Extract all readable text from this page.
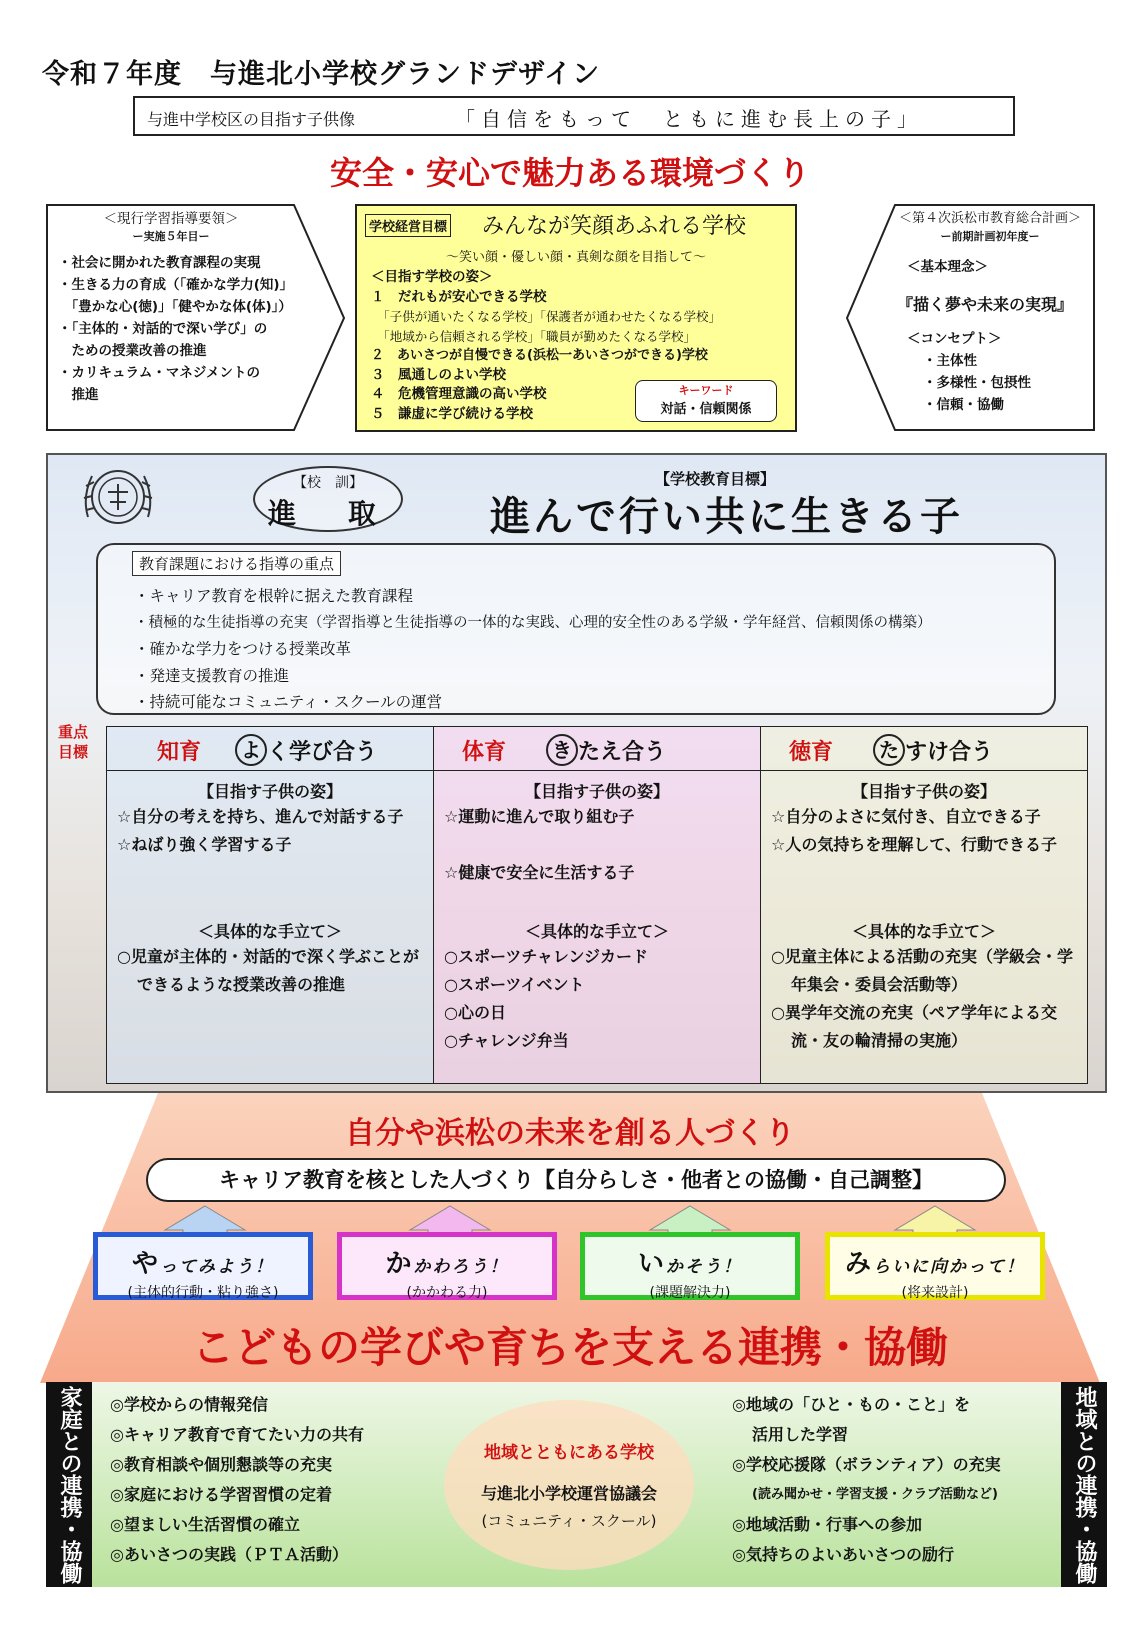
令和７年度　与進北小学校グランドデザイン
与進中学校区の目指す子供像	「自信をもって　ともに進む長上の子」
安全・安心で魅力ある環境づくり
＜現行学習指導要領＞
ー実施５年目ー
・社会に開かれた教育課程の実現
・生きる力の育成（「確かな学力(知)」
　「豊かな心(徳)」「健やかな体(体)」）
・「主体的・対話的で深い学び」の
　ための授業改善の推進
・カリキュラム・マネジメントの
　推進
学校経営目標 みんなが笑顔あふれる学校
～笑い顔・優しい顔・真剣な顔を目指して～
＜目指す学校の姿＞
１　だれもが安心できる学校
　「子供が通いたくなる学校」「保護者が通わせたくなる学校」
　「地域から信頼される学校」「職員が勤めたくなる学校」
２　あいさつが自慢できる(浜松一あいさつができる)学校
３　風通しのよい学校
４　危機管理意識の高い学校
５　謙虚に学び続ける学校
キーワード
対話・信頼関係
＜第４次浜松市教育総合計画＞
ー前期計画初年度ー
＜基本理念＞
『描く夢や未来の実現』
＜コンセプト＞
・主体性
・多様性・包摂性
・信頼・協働
【校　訓】
進　取
【学校教育目標】
進んで行い共に生きる子
教育課題における指導の重点
・キャリア教育を根幹に据えた教育課程
・積極的な生徒指導の充実（学習指導と生徒指導の一体的な実践、心理的安全性のある学級・学年経営、信頼関係の構築）
・確かな学力をつける授業改革
・発達支援教育の推進
・持続可能なコミュニティ・スクールの運営
重点目標	知育	よ く学び合う
【目指す子供の姿】
☆自分の考えを持ち、進んで対話する子
☆ねばり強く学習する子
＜具体的な手立て＞
○児童が主体的・対話的で深く学ぶことができるような授業改善の推進
体育	き たえ合う
【目指す子供の姿】
☆運動に進んで取り組む子
☆健康で安全に生活する子
＜具体的な手立て＞
○スポーツチャレンジカード
○スポーツイベント
○心の日
○チャレンジ弁当
徳育	た すけ合う
【目指す子供の姿】
☆自分のよさに気付き、自立できる子
☆人の気持ちを理解して、行動できる子
＜具体的な手立て＞
○児童主体による活動の充実（学級会・学年集会・委員会活動等）
○異学年交流の充実（ペア学年による交流・友の輪清掃の実施）
自分や浜松の未来を創る人づくり
キャリア教育を核とした人づくり【自分らしさ・他者との協働・自己調整】
やってみよう！
(主体的行動・粘り強さ)
かかわろう！
(かかわる力)
いかそう！
(課題解決力)
みらいに向かって！
(将来設計)
こどもの学びや育ちを支える連携・協働
家庭との連携・協働	地域とともにある学校
与進北小学校運営協議会
(コミュニティ・スクール)
◎学校からの情報発信
◎キャリア教育で育てたい力の共有
◎教育相談や個別懇談等の充実
◎家庭における学習習慣の定着
◎望ましい生活習慣の確立
◎あいさつの実践（ＰＴＡ活動）
◎地域の「ひと・もの・こと」を
活用した学習
◎学校応援隊（ボランティア）の充実
(読み聞かせ・学習支援・クラブ活動など)
◎地域活動・行事への参加
◎気持ちのよいあいさつの励行	地域との連携・協働
